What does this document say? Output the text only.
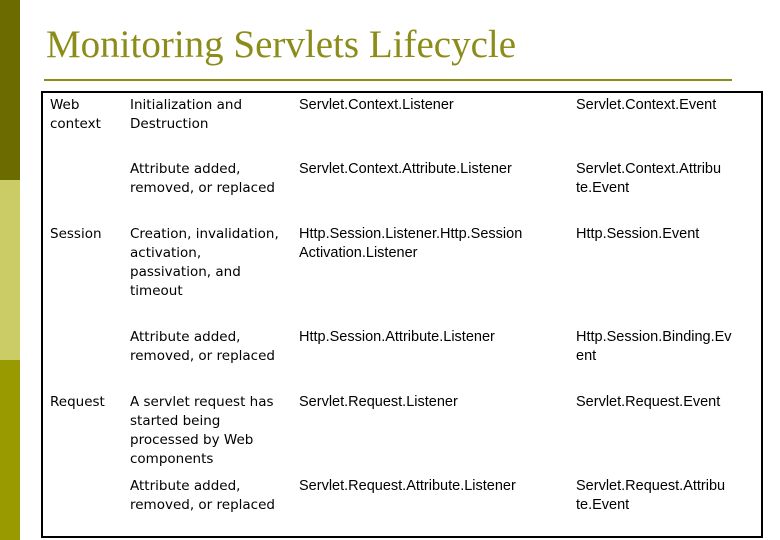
Monitoring Servlets Lifecycle
Web context	Initialization and Destruction	Servlet.Context.Listener	Servlet.Context.Event
	Attribute added, removed, or replaced	Servlet.Context.Attribute.Listener	Servlet.Context.Attribu te.Event
Session	Creation, invalidation, activation, passivation, and timeout	Http.Session.Listener.Http.Session Activation.Listener	Http.Session.Event
	Attribute added, removed, or replaced	Http.Session.Attribute.Listener	Http.Session.Binding.Ev ent
Request	A servlet request has started being processed by Web components	Servlet.Request.Listener	Servlet.Request.Event
	Attribute added, removed, or replaced	Servlet.Request.Attribute.Listener	Servlet.Request.Attribu te.Event
